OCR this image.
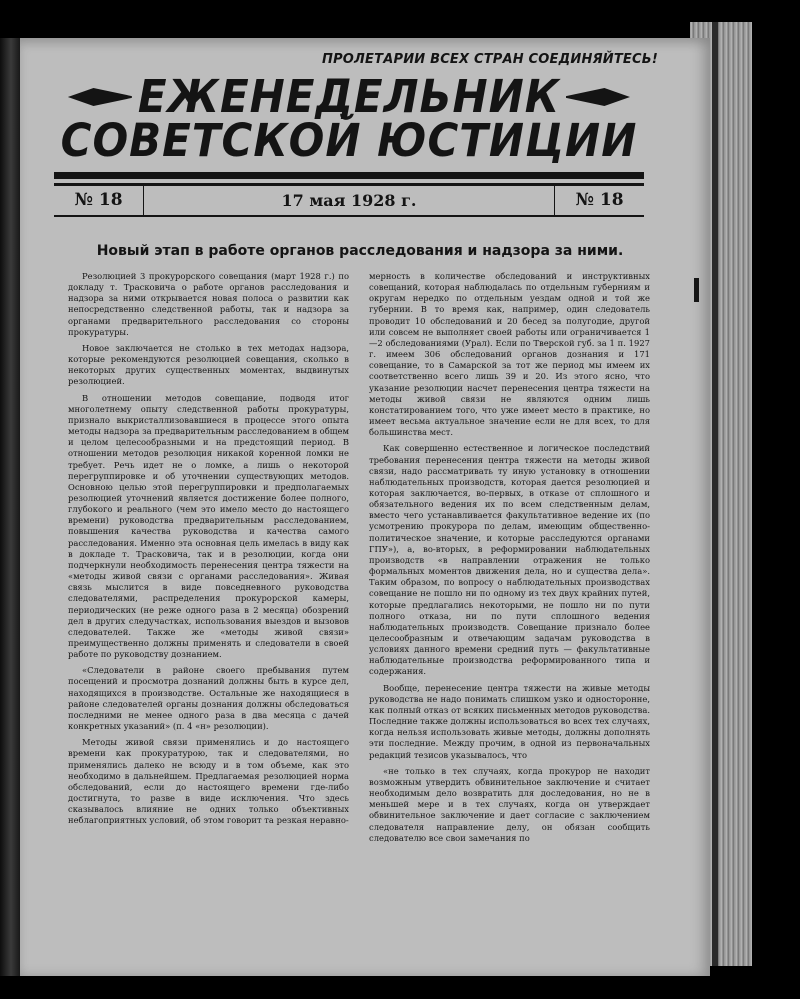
ПРОЛЕТАРИИ ВСЕХ СТРАН СОЕДИНЯЙТЕСЬ!
ЕЖЕНЕДЕЛЬНИК
СОВЕТСКОЙ ЮСТИЦИИ
№ 18	17 мая 1928 г.	№ 18
Новый этап в работе органов расследования и надзора за ними.

Резолюцией 3 прокурорского совещания (март 1928 г.) по докладу т. Трасковича о работе органов расследования и надзора за ними открывается новая полоса о развитии как непосредственно следственной работы, так и надзора за органами предварительного расследования со стороны прокуратуры.

Новое заключается не столько в тех методах надзора, которые рекомендуются резолюцией совещания, сколько в некоторых других существенных моментах, выдвинутых резолюцией.

В отношении методов совещание, подводя итог многолетнему опыту следственной работы прокуратуры, признало выкристаллизовавшиеся в процессе этого опыта методы надзора за предварительным расследованием в общем и целом целесообразными и на предстоящий период. В отношении методов резолюция никакой коренной ломки не требует. Речь идет не о ломке, а лишь о некоторой перегруппировке и об уточнении существующих методов. Основною целью этой перегруппировки и предполагаемых резолюцией уточнений является достижение более полного, глубокого и реального (чем это имело место до настоящего времени) руководства предварительным расследованием, повышения качества руководства и качества самого расследования. Именно эта основная цель имелась в виду как в докладе т. Трасковича, так и в резолюции, когда они подчеркнули необходимость перенесения центра тяжести на «методы живой связи с органами расследования». Живая связь мыслится в виде повседневного руководства следователями, распределения прокурорской камеры, периодических (не реже одного раза в 2 месяца) обозрений дел в других следучастках, использования выездов и вызовов следователей. Также же «методы живой связи» преимущественно должны применять и следователи в своей работе по руководству дознанием.

«Следователи в районе своего пребывания путем посещений и просмотра дознаний должны быть в курсе дел, находящихся в производстве. Остальные же находящиеся в районе следователей органы дознания должны обследоваться последними не менее одного раза в два месяца с дачей конкретных указаний» (п. 4 «н» резолюции).

Методы живой связи применялись и до настоящего времени как прокуратурою, так и следователями, но применялись далеко не всюду и в том объеме, как это необходимо в дальнейшем. Предлагаемая резолюцией норма обследований, если до настоящего времени где-либо достигнута, то разве в виде исключения. Что здесь сказывалось влияние не одних только объективных неблагоприятных условий, об этом говорит та резкая неравно-

мерность в количестве обследований и инструктивных совещаний, которая наблюдалась по отдельным губерниям и округам нередко по отдельным уездам одной и той же губернии. В то время как, например, один следователь проводит 10 обследований и 20 бесед за полугодие, другой или совсем не выполняет своей работы или ограничивается 1—2 обследованиями (Урал). Если по Тверской губ. за 1 п. 1927 г. имеем 306 обследований органов дознания и 171 совещание, то в Самарской за тот же период мы имеем их соответственно всего лишь 39 и 20. Из этого ясно, что указание резолюции насчет перенесения центра тяжести на методы живой связи не являются одним лишь констатированием того, что уже имеет место в практике, но имеет весьма актуальное значение если не для всех, то для большинства мест.

Как совершенно естественное и логическое последствий требования перенесения центра тяжести на методы живой связи, надо рассматривать ту иную установку в отношении наблюдательных производств, которая дается резолюцией и которая заключается, во-первых, в отказе от сплошного и обязательного ведения их по всем следственным делам, вместо чего устанавливается факультативное ведение их (по усмотрению прокурора по делам, имеющим общественно-политическое значение, и которые расследуются органами ГПУ»), а, во-вторых, в реформировании наблюдательных производств «в направлении отражения не только формальных моментов движения дела, но и существа дела». Таким образом, по вопросу о наблюдательных производствах совещание не пошло ни по одному из тех двух крайних путей, которые предлагались некоторыми, не пошло ни по пути полного отказа, ни по пути сплошного ведения наблюдательных производств. Совещание признало более целесообразным и отвечающим задачам руководства в условиях данного времени средний путь — факультативные наблюдательные производства реформированного типа и содержания.

Вообще, перенесение центра тяжести на живые методы руководства не надо понимать слишком узко и односторонне, как полный отказ от всяких письменных методов руководства. Последние также должны использоваться во всех тех случаях, когда нельзя использовать живые методы, должны дополнять эти последние. Между прочим, в одной из первоначальных редакций тезисов указывалось, что

«не только в тех случаях, когда прокурор не находит возможным утвердить обвинительное заключение и считает необходимым дело возвратить для доследования, но не в меньшей мере и в тех случаях, когда он утверждает обвинительное заключение и дает согласие с заключением следователя направление делу, он обязан сообщить следователю все свои замечания по
